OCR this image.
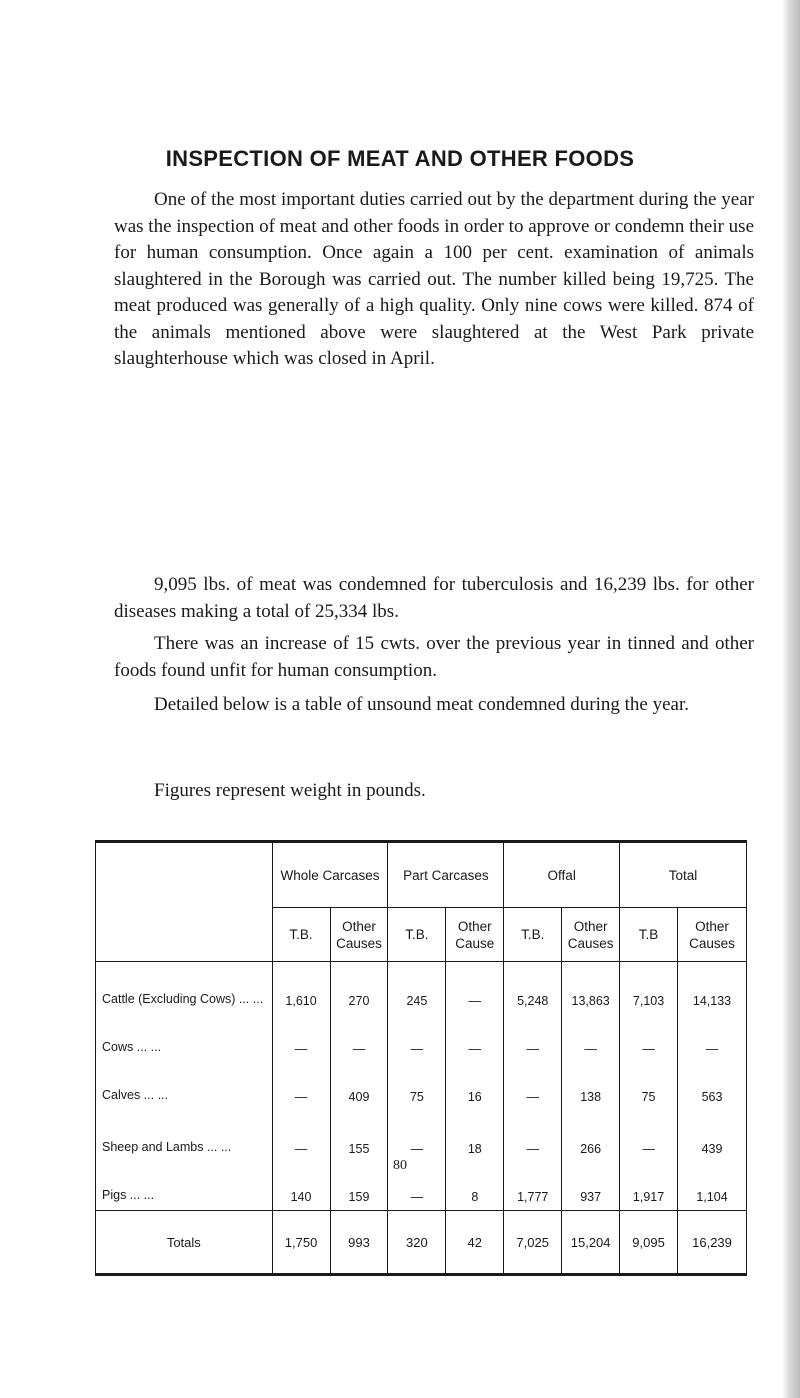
INSPECTION OF MEAT AND OTHER FOODS

One of the most important duties carried out by the department during the year was the inspection of meat and other foods in order to approve or condemn their use for human consumption. Once again a 100 per cent. examination of animals slaughtered in the Borough was carried out. The number killed being 19,725. The meat produced was generally of a high quality. Only nine cows were killed. 874 of the animals mentioned above were slaughtered at the West Park private slaughterhouse which was closed in April.

9,095 lbs. of meat was condemned for tuberculosis and 16,239 lbs. for other diseases making a total of 25,334 lbs.

There was an increase of 15 cwts. over the previous year in tinned and other foods found unfit for human consumption.

Detailed below is a table of unsound meat condemned during the year.

Figures represent weight in pounds.

	Whole Carcases		Part Carcases		Offal		Total	
	T.B.	Other Causes	T.B.	Other Cause	T.B.	Other Causes	T.B	Other Causes
Cattle (Excluding Cows) ... ...	1,610	270	245	—	5,248	13,863	7,103	14,133
Cows ... ...	—	—	—	—	—	—	—	—
Calves ... ...	—	409	75	16	—	138	75	563
Sheep and Lambs ... ...	—	155	—	18	—	266	—	439
Pigs ... ...	140	159	—	8	1,777	937	1,917	1,104
Totals	1,750	993	320	42	7,025	15,204	9,095	16,239
80
